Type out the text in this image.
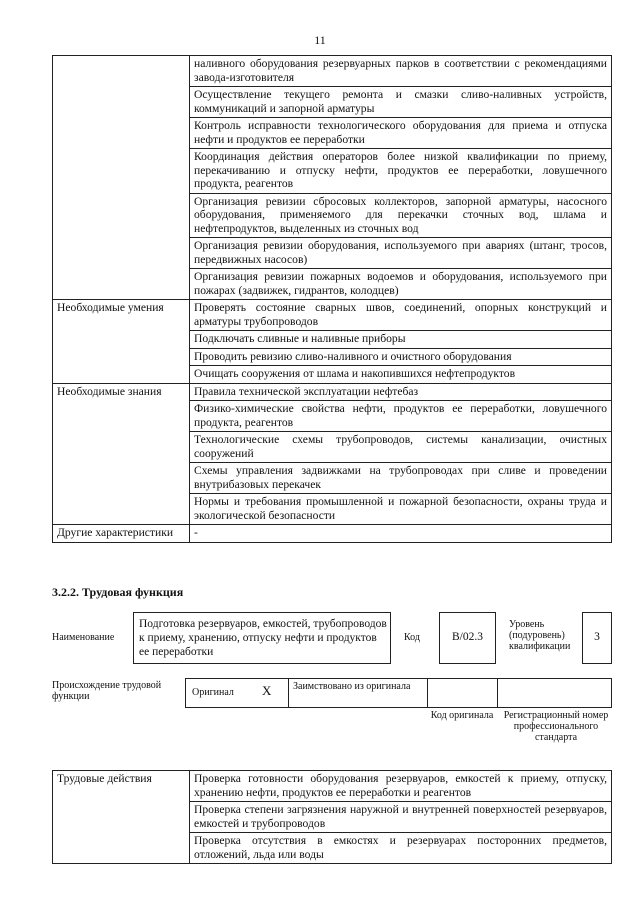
11
	наливного оборудования резервуарных парков в соответствии с рекомендациями завода-изготовителя
	Осуществление текущего ремонта и смазки сливо-наливных устройств, коммуникаций и запорной арматуры
	Контроль исправности технологического оборудования для приема и отпуска нефти и продуктов ее переработки
	Координация действия операторов более низкой квалификации по приему, перекачиванию и отпуску нефти, продуктов ее переработки, ловушечного продукта, реагентов
	Организация ревизии сбросовых коллекторов, запорной арматуры, насосного оборудования, применяемого для перекачки сточных вод, шлама и нефтепродуктов, выделенных из сточных вод
	Организация ревизии оборудования, используемого при авариях (штанг, тросов, передвижных насосов)
	Организация ревизии пожарных водоемов и оборудования, используемого при пожарах (задвижек, гидрантов, колодцев)
Необходимые умения	Проверять состояние сварных швов, соединений, опорных конструкций и арматуры трубопроводов
	Подключать сливные и наливные приборы
	Проводить ревизию сливо-наливного и очистного оборудования
	Очищать сооружения от шлама и накопившихся нефтепродуктов
Необходимые знания	Правила технической эксплуатации нефтебаз
	Физико-химические свойства нефти, продуктов ее переработки, ловушечного продукта, реагентов
	Технологические схемы трубопроводов, системы канализации, очистных сооружений
	Схемы управления задвижками на трубопроводах при сливе и проведении внутрибазовых перекачек
	Нормы и требования промышленной и пожарной безопасности, охраны труда и экологической безопасности
Другие характеристики	-
3.2.2. Трудовая функция
Наименование
Подготовка резервуаров, емкостей, трубопроводов к приему, хранению, отпуску нефти и продуктов ее переработки
Код	B/02.3
Уровень (подуровень) квалификации
3
Происхождение трудовой функции	Оригинал X Заимствовано из оригинала
Код оригинала	Регистрационный номер профессионального стандарта
Трудовые действия	Проверка готовности оборудования резервуаров, емкостей к приему, отпуску, хранению нефти, продуктов ее переработки и реагентов
Проверка степени загрязнения наружной и внутренней поверхностей резервуаров, емкостей и трубопроводов
Проверка отсутствия в емкостях и резервуарах посторонних предметов, отложений, льда или воды
